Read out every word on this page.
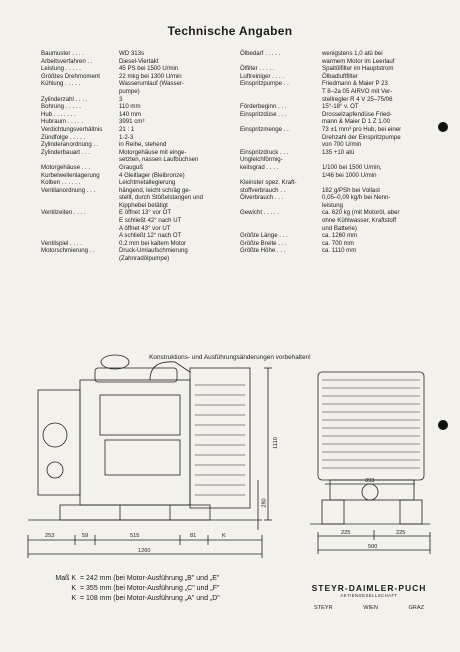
Technische Angaben
Baumuster . . . .	WD 313s
Arbeitsverfahren . .	Diesel-Viertakt
Leistung . . . . .	45 PS bei 1500 U/min
Größtes Drehmoment	22 mkg bei 1300 U/min
Kühlung . . . . .	Wasserumlauf (Wasser-
pumpe)
Zylinderzahl . . . .	3
Bohrung . . . . .	110 mm
Hub . . . . . . .	140 mm
Hubraum . . . . .	3991 cm³
Verdichtungsverhältnis	21 : 1
Zündfolge . . . . .	1-2-3
Zylinderanordnung . .	in Reihe, stehend
Zylinderbauart . . .	Motorgehäuse mit einge-
setzten, nassen Laufbüchsen
Motorgehäuse . . .	Grauguß
Kurbelwellenlagerung	4 Gleitlager (Bleibronze)
Kolben . . . . . .	Leichtmetallegierung
Ventilanordnung . . .	hängend, leicht schräg ge-
stellt, durch Stößelstangen und
Kipphebel betätigt
Ventilzeiten . . . .	E öffnet 13° vor OT
E schließt 42° nach UT
A öffnet 43° vor UT
A schließt 12° nach OT
Ventilspiel . . . .	0,2 mm bei kaltem Motor
Motorschmierung . .	Druck-Umlaufschmierung
(Zahnradölpumpe)
Ölbedarf . . . . .	wenigstens 1,0 atü bei
warmem Motor im Leerlauf
Ölfilter . . . . .	Spaltölfilter im Hauptstrom
Luftreiniger . . . .	Ölbadluftfilter
Einspritzpumpe . .	Friedmann & Maier P 23
T 8–2a 05 AIRVO mit Ver-
stellregler R 4 V 25–75/06
Förderbeginn . . .	15°-18° v. OT
Einspritzdüse . . .	Drosselzapfendüse Fried-
mann & Maier D 1 Z 1.00
Einspritzmenge . .	73 ±1 mm³ pro Hub, bei einer
Drehzahl der Einspritzpumpe
von 700 U/min
Einspritzdruck . . .	135 +10 atü
Ungleichförmig-
keitsgrad . . . .	1/100 bei 1500 U/min,
1/46 bei 1000 U/min
Kleinster spez. Kraft-
stoffverbrauch . .	182 g/PSh bei Vollast
Ölverbrauch . . .	0,05–0,09 kg/h bei Nenn-
leistung
Gewicht . . . . .	ca. 620 kg (mit Motoröl, aber
ohne Kühlwasser, Kraftstoff
und Batterie)
Größte Länge . . .	ca. 1260 mm
Größte Breite . . .	ca. 700 mm
Größte Höhe . . .	ca. 1110 mm
Konstruktions- und Ausführungsänderungen vorbehalten!
253	59	515	81	K
1260
1110
280
393
225	225
500
Maß K = 242 mm (bei Motor-Ausführung „B" und „E"
K = 355 mm (bei Motor-Ausführung „C" und „F"
K = 108 mm (bei Motor-Ausführung „A" und „D"
STEYR-DAIMLER-PUCH
AKTIENGESELLSCHAFT
STEYR	WIEN	GRAZ
